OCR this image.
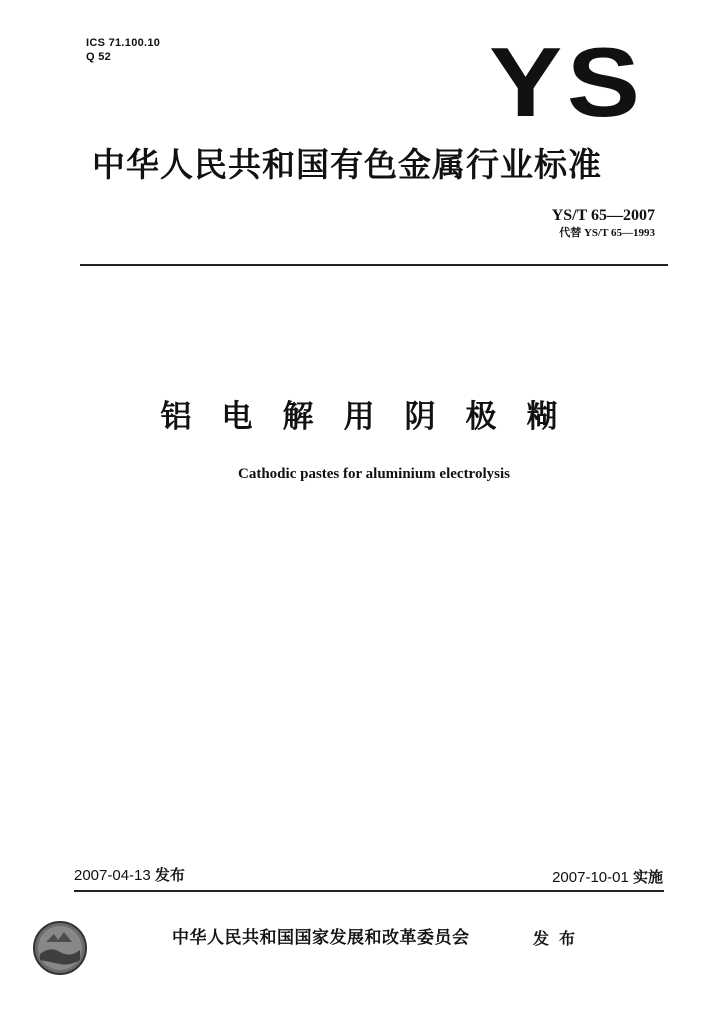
ICS 71.100.10
Q 52	YS
中华人民共和国有色金属行业标准
YS/T 65—2007
代替 YS/T 65—1993
铝电解用阴极糊
Cathodic pastes for aluminium electrolysis
2007-04-13 发布	2007-10-01 实施
中华人民共和国国家发展和改革委员会	发布
